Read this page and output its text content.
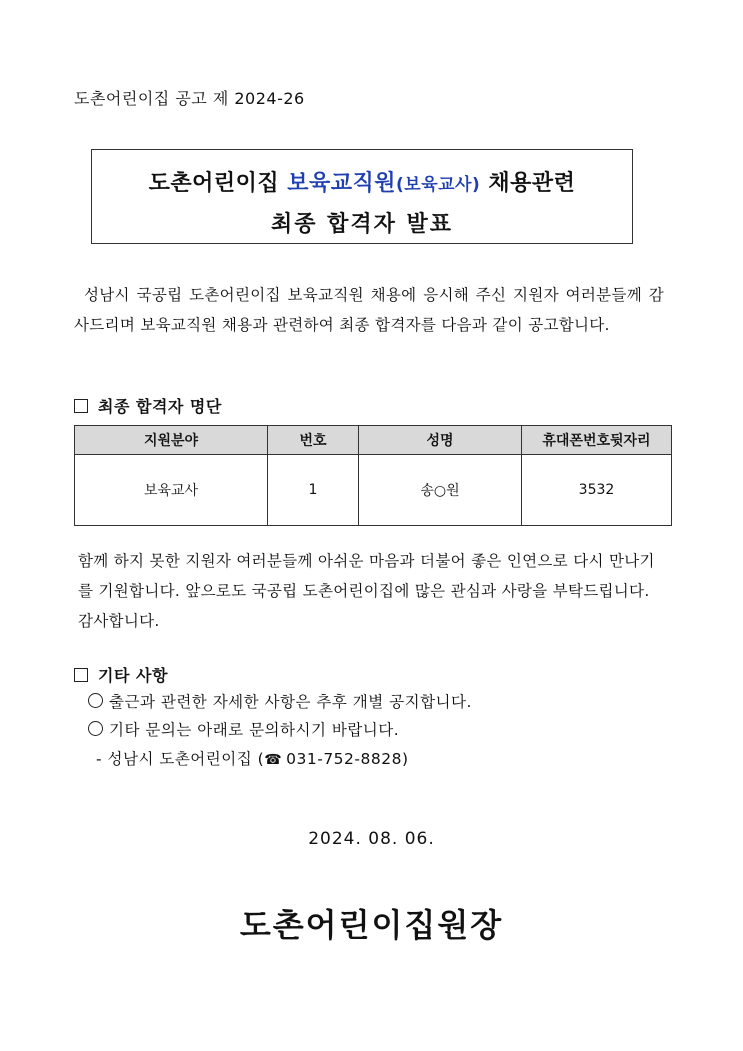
도촌어린이집 공고 제 2024-26
도촌어린이집 보육교직원(보육교사) 채용관련
최종 합격자 발표
성남시 국공립 도촌어린이집 보육교직원 채용에 응시해 주신 지원자 여러분들께 감사드리며 보육교직원 채용과 관련하여 최종 합격자를 다음과 같이 공고합니다.
최종 합격자 명단
지원분야	번호	성명	휴대폰번호뒷자리
보육교사	1	송○원	3532
함께 하지 못한 지원자 여러분들께 아쉬운 마음과 더불어 좋은 인연으로 다시 만나기를 기원합니다. 앞으로도 국공립 도촌어린이집에 많은 관심과 사랑을 부탁드립니다. 감사합니다.
기타 사항
출근과 관련한 자세한 사항은 추후 개별 공지합니다.
기타 문의는 아래로 문의하시기 바랍니다.
- 성남시 도촌어린이집 (☎ 031-752-8828)
2024. 08. 06.
도촌어린이집원장
